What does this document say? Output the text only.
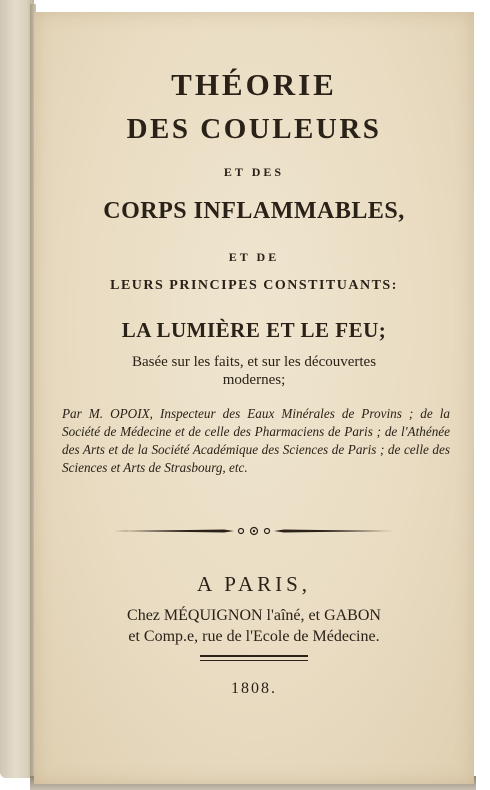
THÉORIE
DES COULEURS
ET DES
CORPS INFLAMMABLES,
ET DE
LEURS PRINCIPES CONSTITUANTS:
LA LUMIÈRE ET LE FEU;
Basée sur les faits, et sur les découvertes
modernes;
Par M. OPOIX, Inspecteur des Eaux Minérales de Provins ; de la Société de Médecine et de celle des Pharmaciens de Paris ; de l'Athénée des Arts et de la Société Académique des Sciences de Paris ; de celle des Sciences et Arts de Strasbourg, etc.
A PARIS,
Chez MÉQUIGNON l'aîné, et GABON
et Comp.e, rue de l'Ecole de Médecine.
1808.
